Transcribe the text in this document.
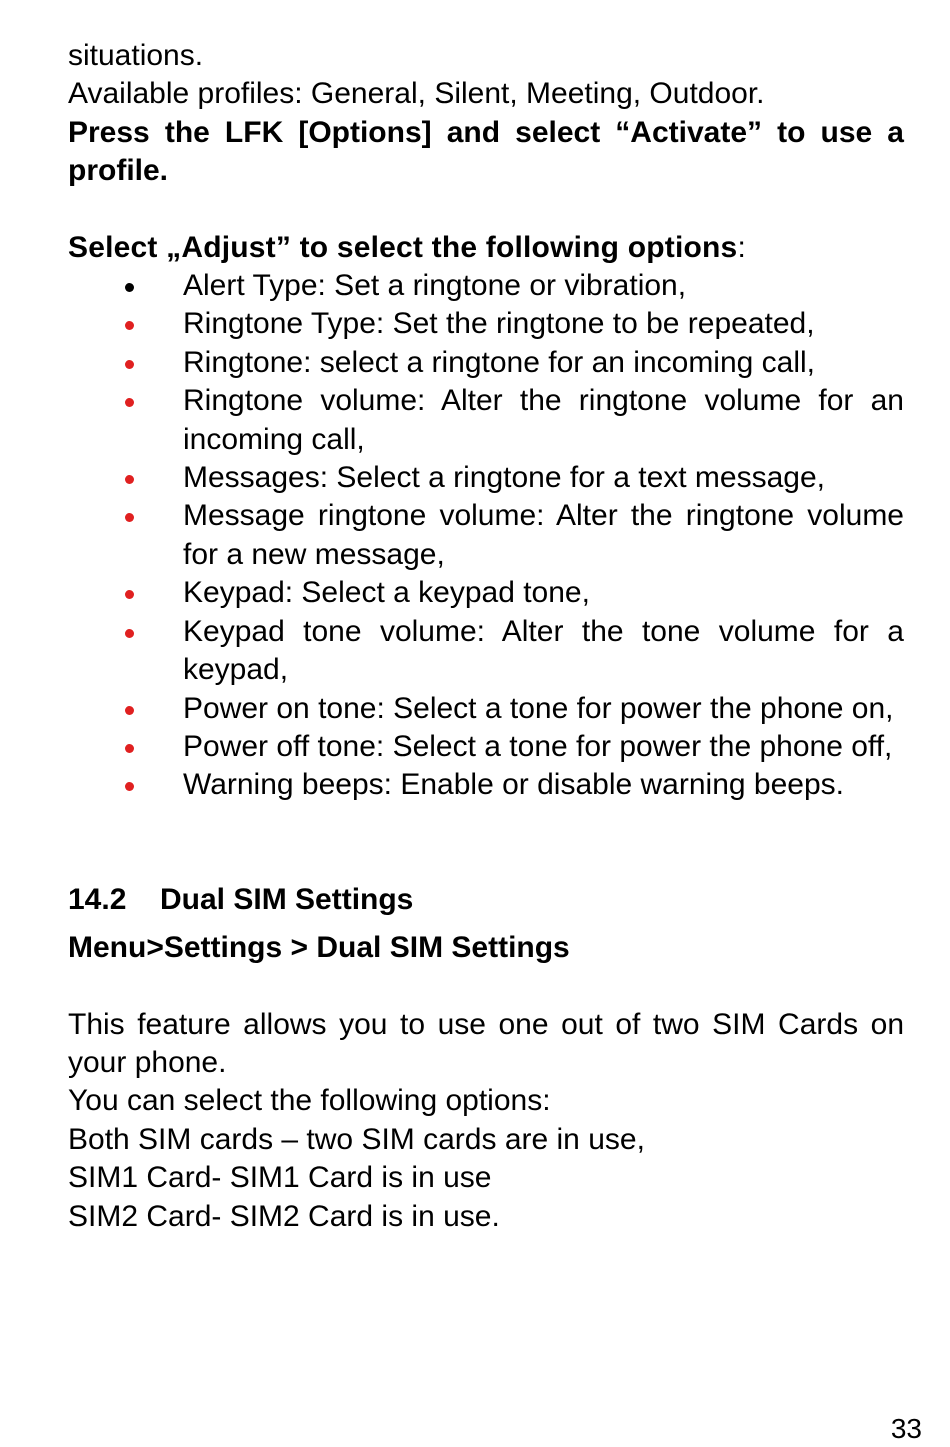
situations.

Available profiles: General, Silent, Meeting, Outdoor.

Press the LFK [Options] and select “Activate” to use a profile.

Select „Adjust” to select the following options:

Alert Type: Set a ringtone or vibration,
Ringtone Type: Set the ringtone to be repeated,
Ringtone: select a ringtone for an incoming call,
Ringtone volume: Alter the ringtone volume for an incoming call,
Messages: Select a ringtone for a text message,
Message ringtone volume: Alter the ringtone volume for a new message,
Keypad: Select a keypad tone,
Keypad tone volume: Alter the tone volume for a keypad,
Power on tone: Select a tone for power the phone on,
Power off tone: Select a tone for power the phone off,
Warning beeps: Enable or disable warning beeps.
14.2 Dual SIM Settings

Menu>Settings > Dual SIM Settings

This feature allows you to use one out of two SIM Cards on your phone.

You can select the following options:

Both SIM cards – two SIM cards are in use,

SIM1 Card- SIM1 Card is in use

SIM2 Card- SIM2 Card is in use.

33
